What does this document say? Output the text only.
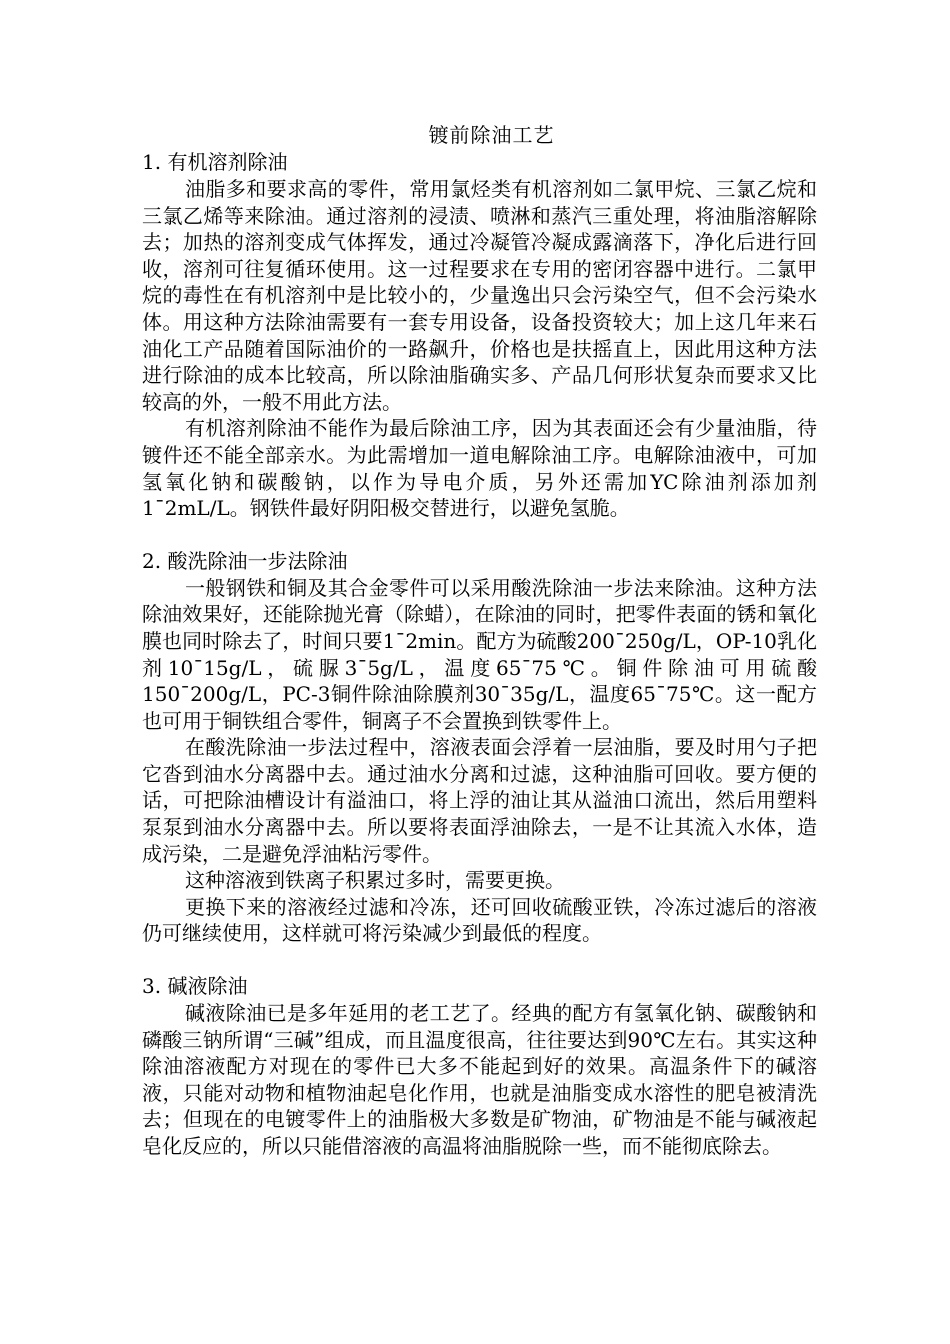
镀前除油工艺
1. 有机溶剂除油

油脂多和要求高的零件，常用氯烃类有机溶剂如二氯甲烷、三氯乙烷和三氯乙烯等来除油。通过溶剂的浸渍、喷淋和蒸汽三重处理，将油脂溶解除去；加热的溶剂变成气体挥发，通过冷凝管冷凝成露滴落下，净化后进行回收，溶剂可往复循环使用。这一过程要求在专用的密闭容器中进行。二氯甲烷的毒性在有机溶剂中是比较小的，少量逸出只会污染空气，但不会污染水体。用这种方法除油需要有一套专用设备，设备投资较大；加上这几年来石油化工产品随着国际油价的一路飙升，价格也是扶摇直上，因此用这种方法进行除油的成本比较高，所以除油脂确实多、产品几何形状复杂而要求又比较高的外，一般不用此方法。

有机溶剂除油不能作为最后除油工序，因为其表面还会有少量油脂，待镀件还不能全部亲水。为此需增加一道电解除油工序。电解除油液中，可加氢氧化钠和碳酸钠，以作为导电介质，另外还需加YC除油剂添加剂1¯2mL/L。钢铁件最好阴阳极交替进行，以避免氢脆。

2. 酸洗除油一步法除油

一般钢铁和铜及其合金零件可以采用酸洗除油一步法来除油。这种方法除油效果好，还能除抛光膏（除蜡），在除油的同时，把零件表面的锈和氧化膜也同时除去了，时间只要1¯2min。配方为硫酸200¯250g/L，OP-10乳化剂10¯15g/L，硫脲3¯5g/L，温度65¯75℃。铜件除油可用硫酸150¯200g/L，PC-3铜件除油除膜剂30¯35g/L，温度65¯75℃。这一配方也可用于铜铁组合零件，铜离子不会置换到铁零件上。

在酸洗除油一步法过程中，溶液表面会浮着一层油脂，要及时用勺子把它沓到油水分离器中去。通过油水分离和过滤，这种油脂可回收。要方便的话，可把除油槽设计有溢油口，将上浮的油让其从溢油口流出，然后用塑料泵泵到油水分离器中去。所以要将表面浮油除去，一是不让其流入水体，造成污染，二是避免浮油粘污零件。

这种溶液到铁离子积累过多时，需要更换。

更换下来的溶液经过滤和冷冻，还可回收硫酸亚铁，冷冻过滤后的溶液仍可继续使用，这样就可将污染减少到最低的程度。

3. 碱液除油

碱液除油已是多年延用的老工艺了。经典的配方有氢氧化钠、碳酸钠和磷酸三钠所谓“三碱”组成，而且温度很高，往往要达到90℃左右。其实这种除油溶液配方对现在的零件已大多不能起到好的效果。高温条件下的碱溶液，只能对动物和植物油起皂化作用，也就是油脂变成水溶性的肥皂被清洗去；但现在的电镀零件上的油脂极大多数是矿物油，矿物油是不能与碱液起皂化反应的，所以只能借溶液的高温将油脂脱除一些，而不能彻底除去。
